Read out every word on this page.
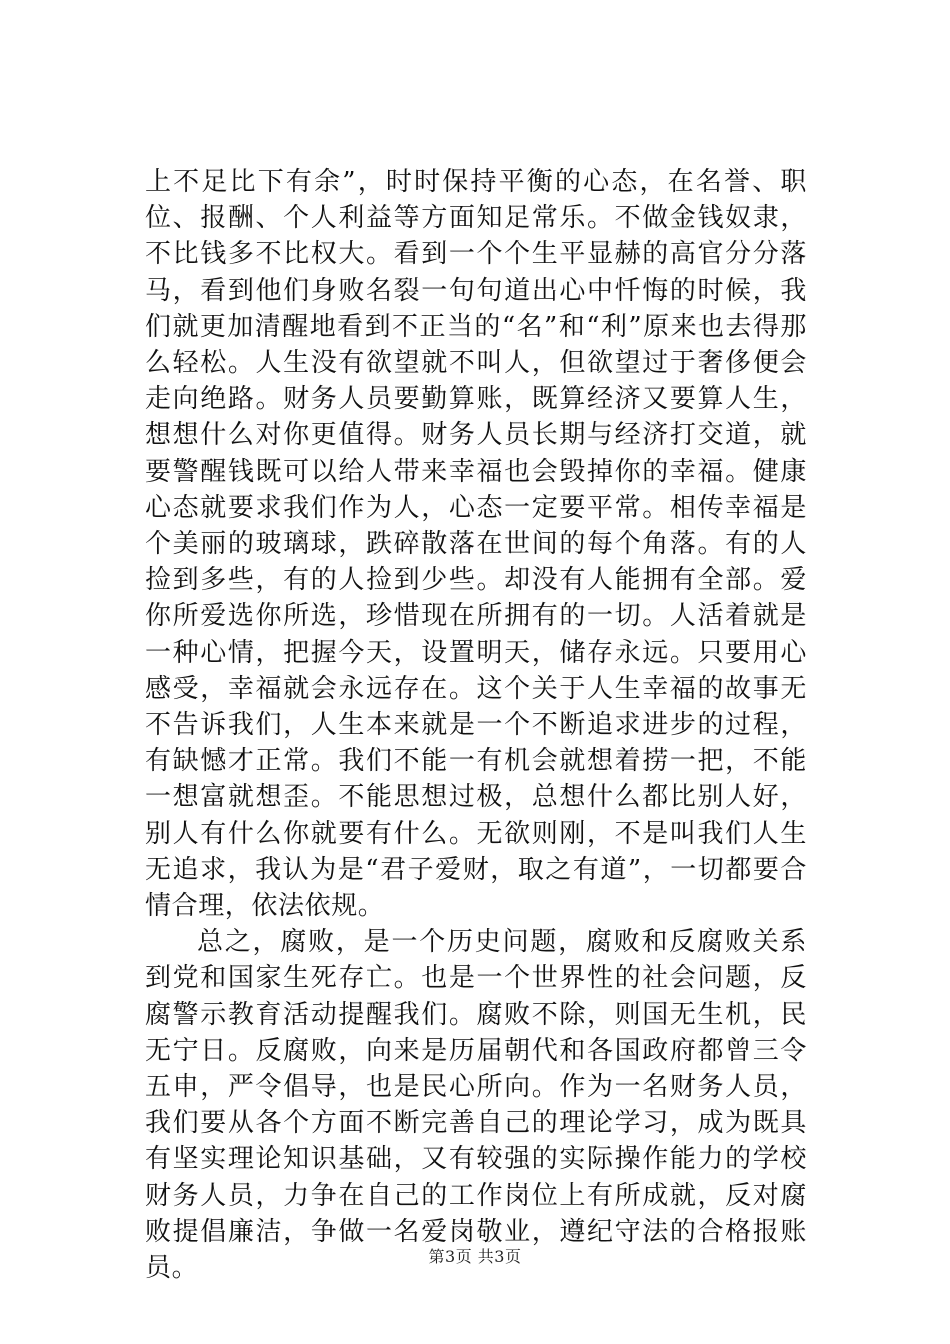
上不足比下有余”，时时保持平衡的心态，在名誉、职位、报酬、个人利益等方面知足常乐。不做金钱奴隶，不比钱多不比权大。看到一个个生平显赫的高官分分落马，看到他们身败名裂一句句道出心中忏悔的时候，我们就更加清醒地看到不正当的“名”和“利”原来也去得那么轻松。人生没有欲望就不叫人，但欲望过于奢侈便会走向绝路。财务人员要勤算账，既算经济又要算人生，想想什么对你更值得。财务人员长期与经济打交道，就要警醒钱既可以给人带来幸福也会毁掉你的幸福。健康心态就要求我们作为人，心态一定要平常。相传幸福是个美丽的玻璃球，跌碎散落在世间的每个角落。有的人捡到多些，有的人捡到少些。却没有人能拥有全部。爱你所爱选你所选，珍惜现在所拥有的一切。人活着就是一种心情，把握今天，设置明天，储存永远。只要用心感受，幸福就会永远存在。这个关于人生幸福的故事无不告诉我们，人生本来就是一个不断追求进步的过程，有缺憾才正常。我们不能一有机会就想着捞一把，不能一想富就想歪。不能思想过极，总想什么都比别人好，别人有什么你就要有什么。无欲则刚，不是叫我们人生无追求，我认为是“君子爱财，取之有道”，一切都要合情合理，依法依规。

总之，腐败，是一个历史问题，腐败和反腐败关系到党和国家生死存亡。也是一个世界性的社会问题，反腐警示教育活动提醒我们。腐败不除，则国无生机，民无宁日。反腐败，向来是历届朝代和各国政府都曾三令五申，严令倡导，也是民心所向。作为一名财务人员，我们要从各个方面不断完善自己的理论学习，成为既具有坚实理论知识基础，又有较强的实际操作能力的学校财务人员，力争在自己的工作岗位上有所成就，反对腐败提倡廉洁，争做一名爱岗敬业，遵纪守法的合格报账员。	第3页 共3页
